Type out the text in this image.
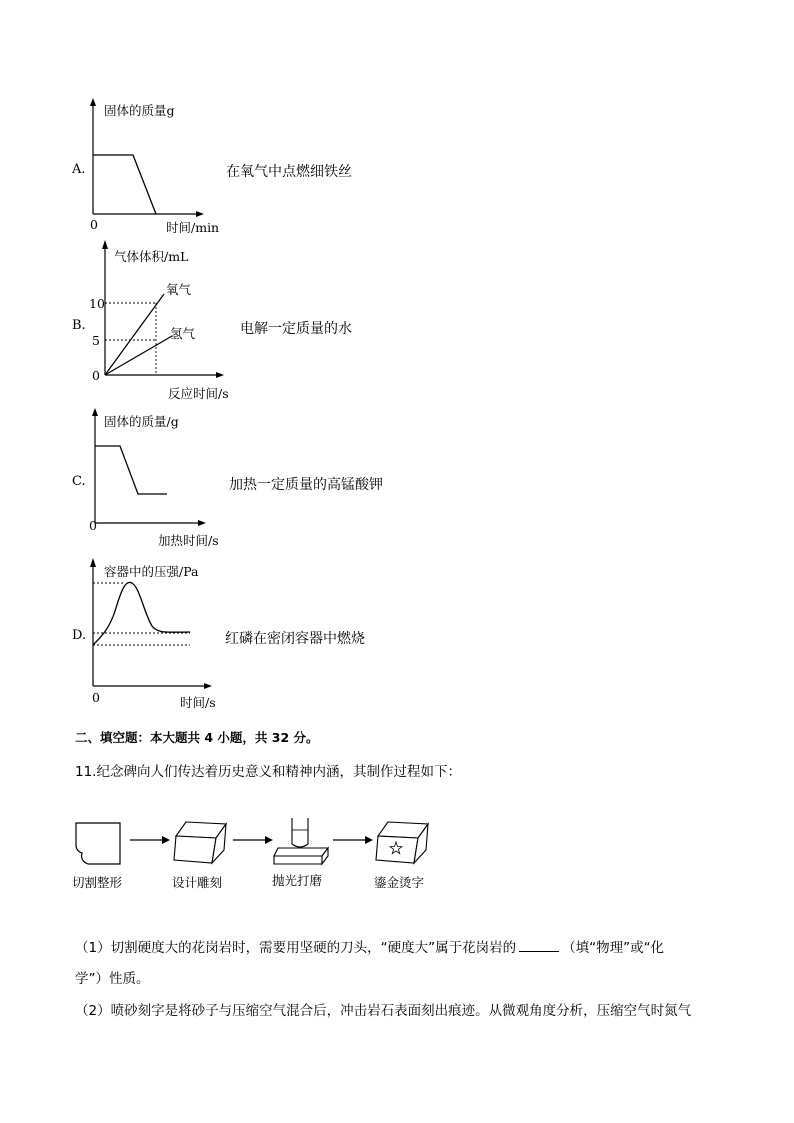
A.
固体的质量g
0	时间/min
在氧气中点燃细铁丝
B.
气体体积/mL
10
5
0
氧气
氢气
反应时间/s
电解一定质量的水
C.
固体的质量/g
0
加热时间/s
加热一定质量的高锰酸钾
D.
容器中的压强/Pa
0	时间/s
红磷在密闭容器中燃烧
二、填空题：本大题共 4 小题，共 32 分。
11.纪念碑向人们传达着历史意义和精神内涵，其制作过程如下：
切割整形	设计雕刻	抛光打磨	鎏金烫字
（1）切割硬度大的花岗岩时，需要用坚硬的刀头，“硬度大”属于花岗岩的	（填“物理”或“化
学”）性质。
（2）喷砂刻字是将砂子与压缩空气混合后，冲击岩石表面刻出痕迹。从微观角度分析，压缩空气时氮气
